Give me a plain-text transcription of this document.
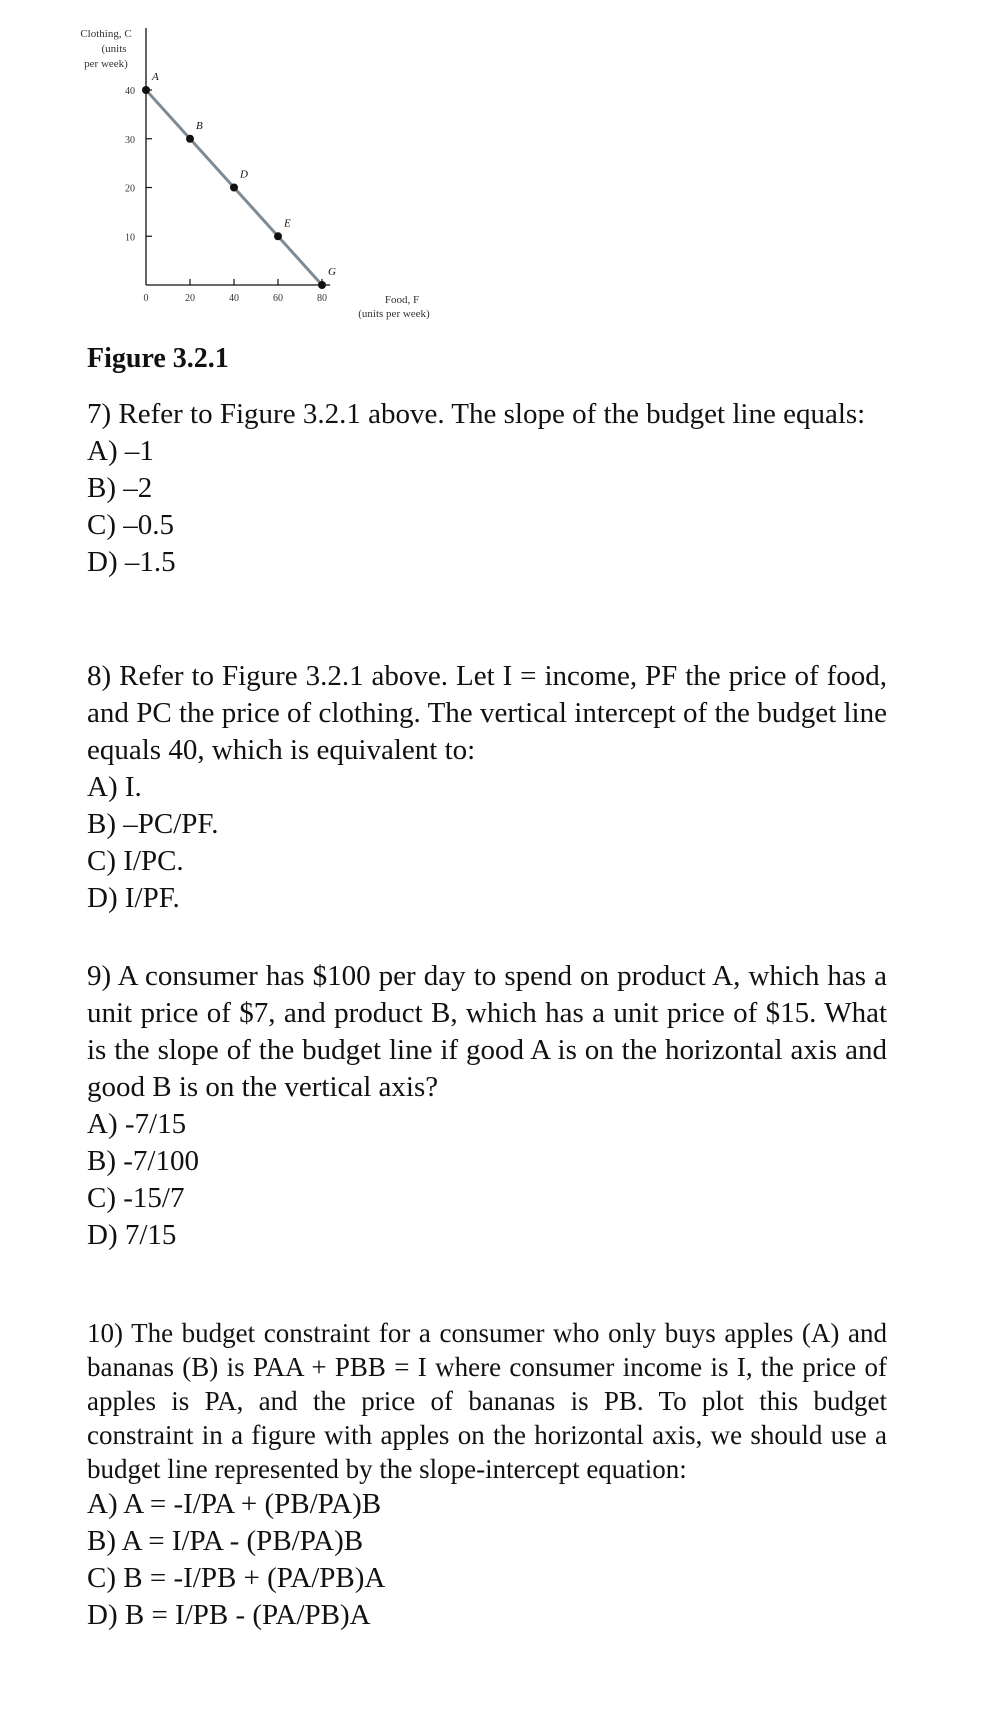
Clothing, C
(units
per week)
10
20
30
40
0	20	40	60	80
A
B
D
E
G
Food, F
(units per week)

Figure 3.2.1

7) Refer to Figure 3.2.1 above. The slope of the budget line equals:
A) –1
B) –2
C) –0.5
D) –1.5
8) Refer to Figure 3.2.1 above. Let I = income, PF the price of food, and PC the price of clothing. The vertical intercept of the budget line equals 40, which is equivalent to:
A) I.
B) –PC/PF.
C) I/PC.
D) I/PF.
9) A consumer has $100 per day to spend on product A, which has a unit price of $7, and product B, which has a unit price of $15. What is the slope of the budget line if good A is on the horizontal axis and good B is on the vertical axis?
A) -7/15
B) -7/100
C) -15/7
D) 7/15
10) The budget constraint for a consumer who only buys apples (A) and bananas (B) is PAA + PBB = I where consumer income is I, the price of apples is PA, and the price of bananas is PB. To plot this budget constraint in a figure with apples on the horizontal axis, we should use a budget line represented by the slope-intercept equation:
A) A = -I/PA + (PB/PA)B
B) A = I/PA - (PB/PA)B
C) B = -I/PB + (PA/PB)A
D) B = I/PB - (PA/PB)A
